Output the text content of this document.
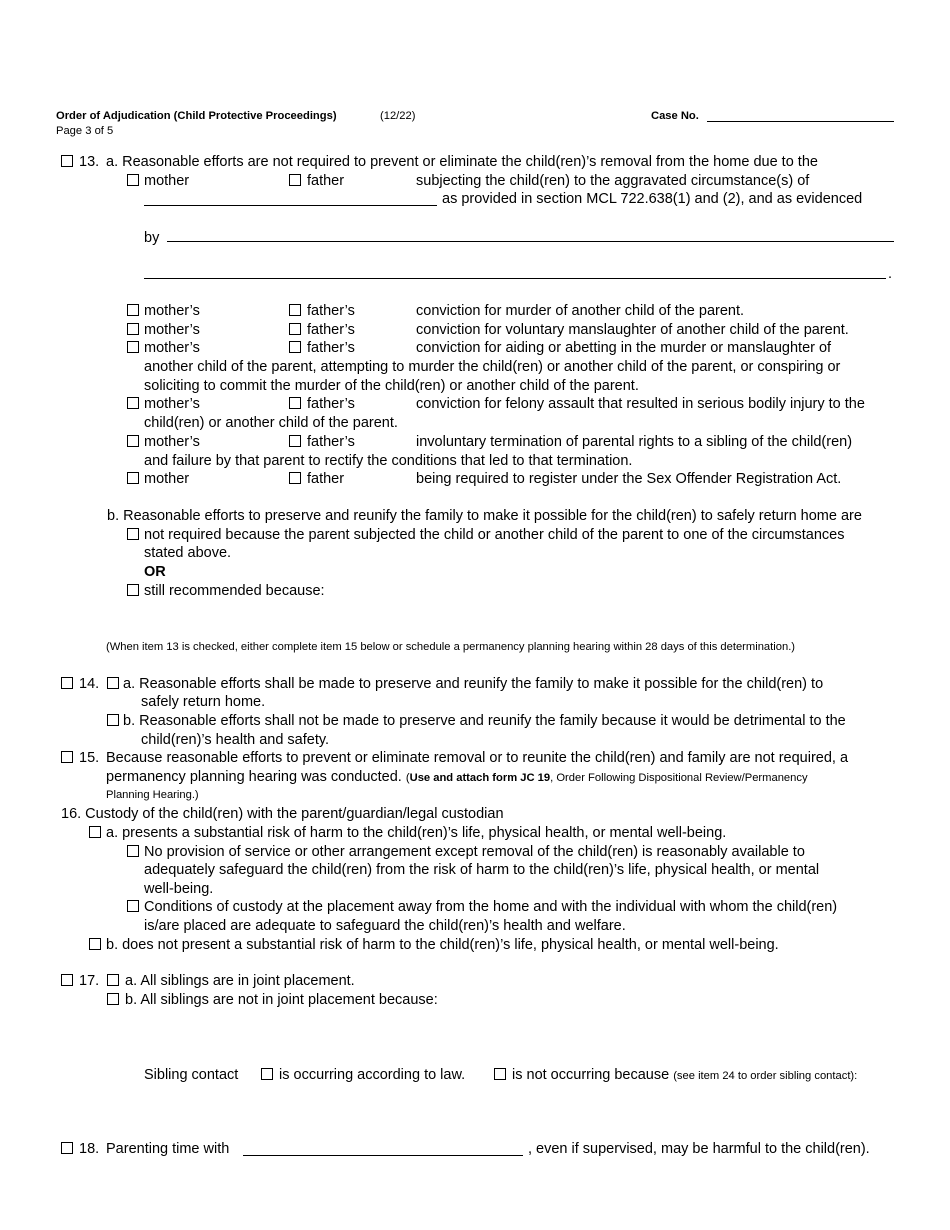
Order of Adjudication (Child Protective Proceedings)	(12/22)
Page 3 of 5
Case No.
13. a. Reasonable efforts are not required to prevent or eliminate the child(ren)’s removal from the home due to the
mother	father	subjecting the child(ren) to the aggravated circumstance(s) of
as provided in section MCL 722.638(1) and (2), and as evidenced
by
.
mother’s	father’s	conviction for murder of another child of the parent.
mother’s	father’s	conviction for voluntary manslaughter of another child of the parent.
mother’s	father’s	conviction for aiding or abetting in the murder or manslaughter of
another child of the parent, attempting to murder the child(ren) or another child of the parent, or conspiring or
soliciting to commit the murder of the child(ren) or another child of the parent.
mother’s	father’s	conviction for felony assault that resulted in serious bodily injury to the
child(ren) or another child of the parent.
mother’s	father’s	involuntary termination of parental rights to a sibling of the child(ren)
and failure by that parent to rectify the conditions that led to that termination.
mother	father	being required to register under the Sex Offender Registration Act.
b. Reasonable efforts to preserve and reunify the family to make it possible for the child(ren) to safely return home are
not required because the parent subjected the child or another child of the parent to one of the circumstances
stated above.
OR
still recommended because:
(When item 13 is checked, either complete item 15 below or schedule a permanency planning hearing within 28 days of this determination.)
14. a. Reasonable efforts shall be made to preserve and reunify the family to make it possible for the child(ren) to
safely return home.
b. Reasonable efforts shall not be made to preserve and reunify the family because it would be detrimental to the
child(ren)’s health and safety.
15. Because reasonable efforts to prevent or eliminate removal or to reunite the child(ren) and family are not required, a
permanency planning hearing was conducted. (Use and attach form JC 19, Order Following Dispositional Review/Permanency
Planning Hearing.)
16. Custody of the child(ren) with the parent/guardian/legal custodian
a. presents a substantial risk of harm to the child(ren)’s life, physical health, or mental well-being.
No provision of service or other arrangement except removal of the child(ren) is reasonably available to
adequately safeguard the child(ren) from the risk of harm to the child(ren)’s life, physical health, or mental
well-being.
Conditions of custody at the placement away from the home and with the individual with whom the child(ren)
is/are placed are adequate to safeguard the child(ren)’s health and welfare.
b. does not present a substantial risk of harm to the child(ren)’s life, physical health, or mental well-being.
17. a. All siblings are in joint placement.
b. All siblings are not in joint placement because:
Sibling contact	is occurring according to law.	is not occurring because (see item 24 to order sibling contact):
18. Parenting time with	, even if supervised, may be harmful to the child(ren).
